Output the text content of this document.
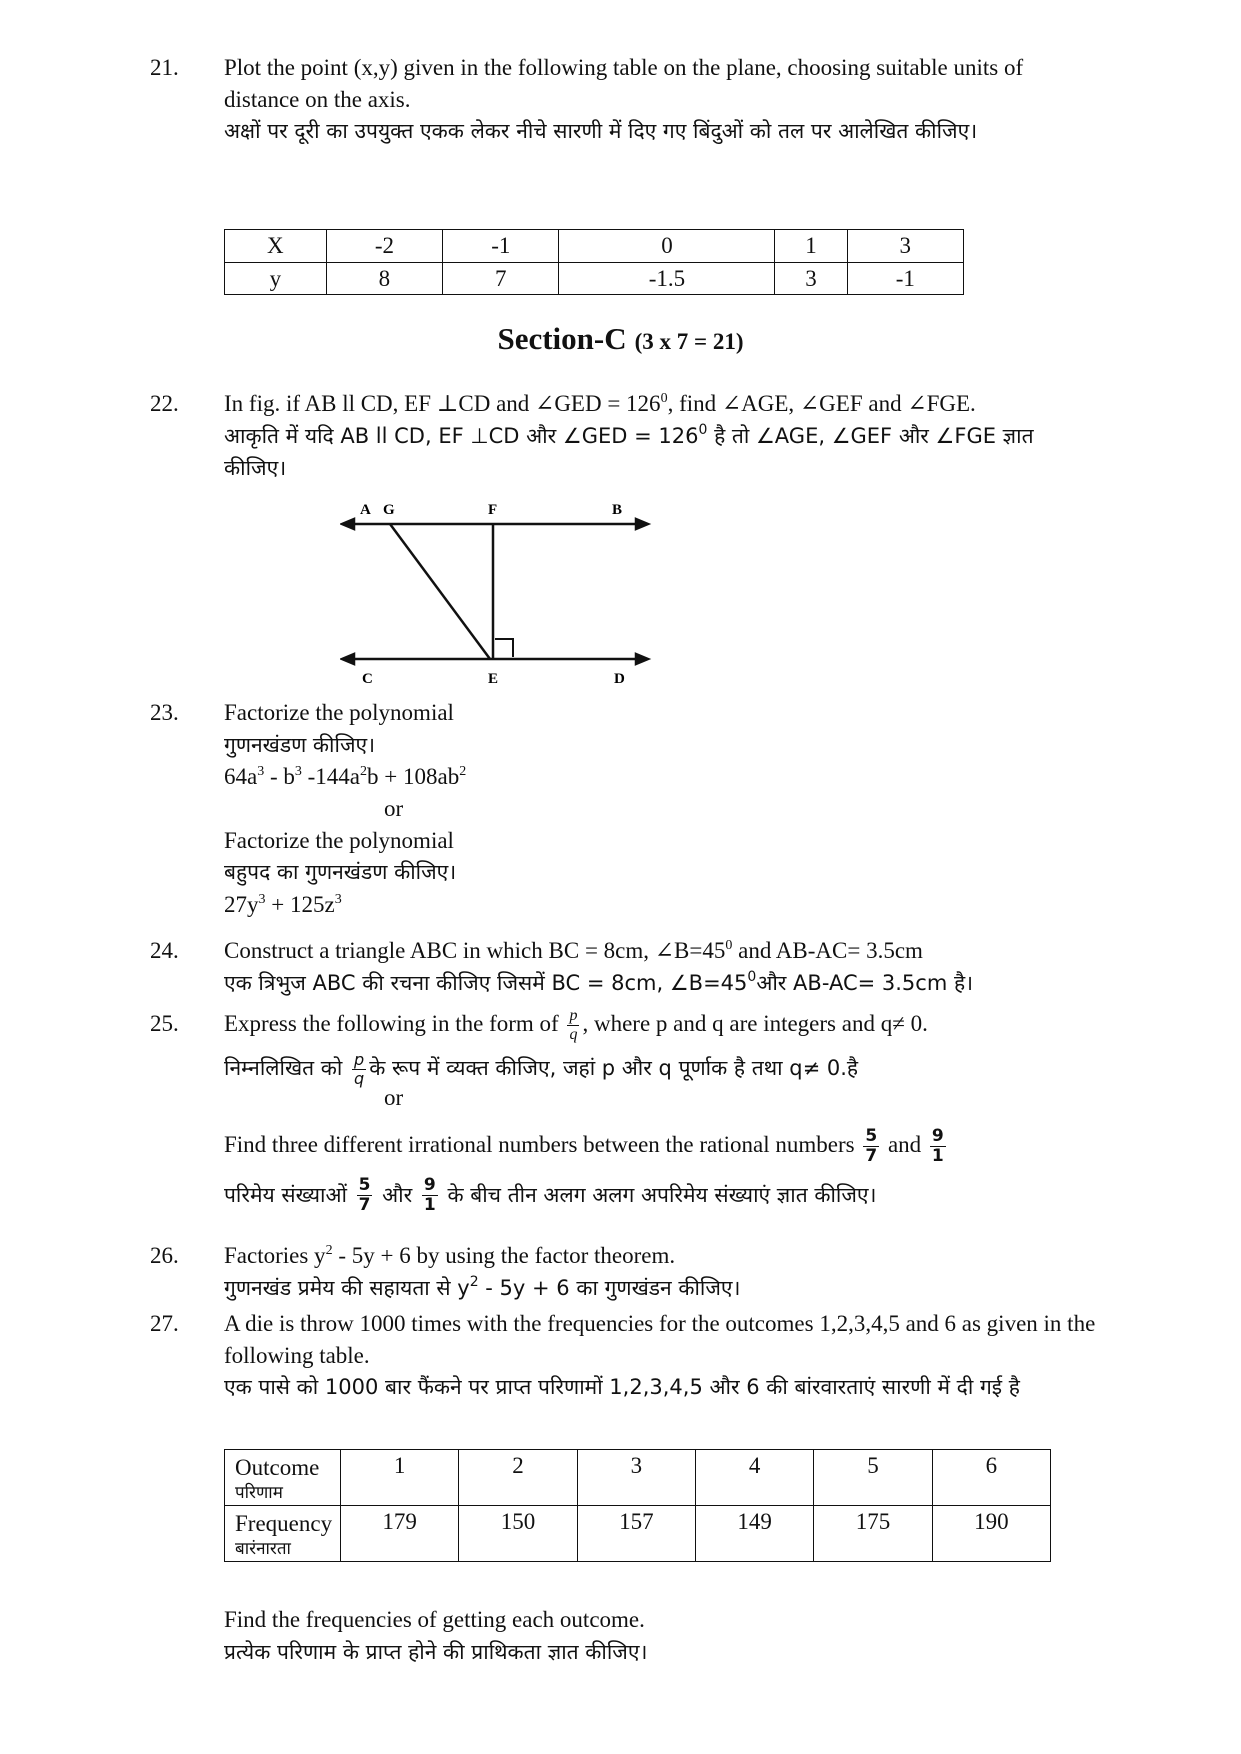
21.	Plot the point (x,y) given in the following table on the plane, choosing suitable units of distance on the axis.

अक्षों पर दूरी का उपयुक्त एकक लेकर नीचे सारणी में दिए गए बिंदुओं को तल पर आलेखित कीजिए।

X	-2	-1	0	1	3
y	8	7	-1.5	3	-1
Section-C (3 x 7 = 21)
22.	In fig. if AB ll CD, EF ⊥CD and ∠GED = $126^0$, find ∠AGE, ∠GEF and ∠FGE.

आकृति में यदि AB ll CD, EF ⊥CD और ∠GED = $126^0$ है तो ∠AGE, ∠GEF और ∠FGE ज्ञात कीजिए।

A G	F	B
C	E	D
23.	Factorize the polynomial

गुणनखंडण कीजिए।

$64a^3 - b^3$ $-144a^2b + 108ab^2$

or

Factorize the polynomial

बहुपद का गुणनखंडण कीजिए।

$27y^3 + 125z^3$

24.	Construct a triangle ABC in which BC = 8cm, $\angle B=45^0$ and AB-AC= 3.5cm

एक त्रिभुज ABC की रचना कीजिए जिसमें BC = 8cm, $\angle B=45^0और$ AB-AC= 3.5cm है।

25.	Express the following in the form of $\frac{p}{q}$ , where p and q are integers and q≠ 0.

निम्नलिखित को $\frac{p}{q}$ के रूप में व्यक्त कीजिए, जहां p और q पूर्णाक है तथा q≠ 0.है

or

Find three different irrational numbers between the rational numbers $\frac{5}{7}$ and $\frac{9}{1}$

परिमेय संख्याओं $\frac{5}{7}$ और $\frac{9}{1}$ के बीच तीन अलग अलग अपरिमेय संख्याएं ज्ञात कीजिए।

26.	Factories $y^2 - 5y + 6$ by using the factor theorem.

गुणनखंड प्रमेय की सहायता से $y^2 - 5y + 6$ का गुणखंडन कीजिए।

27.	A die is throw 1000 times with the frequencies for the outcomes 1,2,3,4,5 and 6 as given in the following table.

एक पासे को 1000 बार फैंकने पर प्राप्त परिणामों 1,2,3,4,5 और 6 की बांरवारताएं सारणी में दी गई है

Outcome
परिणाम	1	2	3	4	5	6
Frequency
बारंनारता	179	150	157	149	175	190

Find the frequencies of getting each outcome.

प्रत्येक परिणाम के प्राप्त होने की प्राथिकता ज्ञात कीजिए।
